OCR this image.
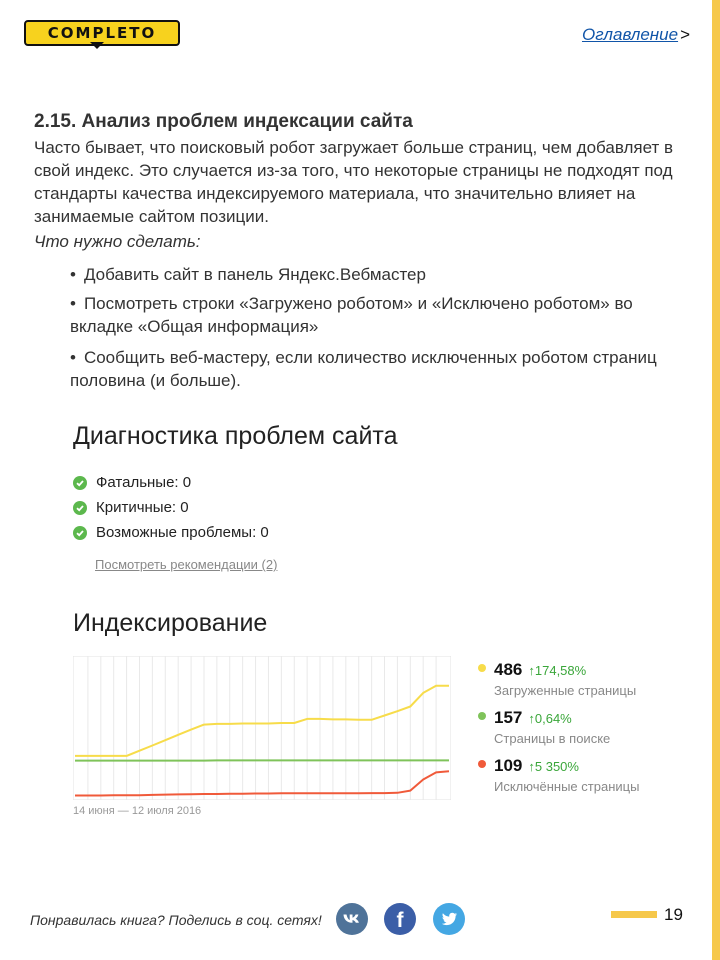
COMPLETO	Оглавление >
2.15. Анализ проблем индексации сайта

Часто бывает, что поисковый робот загружает больше страниц, чем добавляет в свой индекс. Это случается из-за того, что некоторые страницы не подходят под стандарты качества индексируемого материала, что значительно влияет на занимаемые сайтом позиции.

Что нужно сделать:
• Добавить сайт в панель Яндекс.Вебмастер
• Посмотреть строки «Загружено роботом» и «Исключено роботом» во вкладке «Общая информация»
• Сообщить веб-мастеру, если количество исключенных роботом страниц половина (и больше).
Диагностика проблем сайта
Фатальные: 0
Критичные: 0
Возможные проблемы: 0
Посмотреть рекомендации (2)
Индексирование
14 июня — 12 июля 2016
486 ↑174,58%
Загруженные страницы
157 ↑0,64%
Страницы в поиске
109 ↑5 350%
Исключённые страницы
Понравилась книга? Поделись в соц. сетях!	f	19
